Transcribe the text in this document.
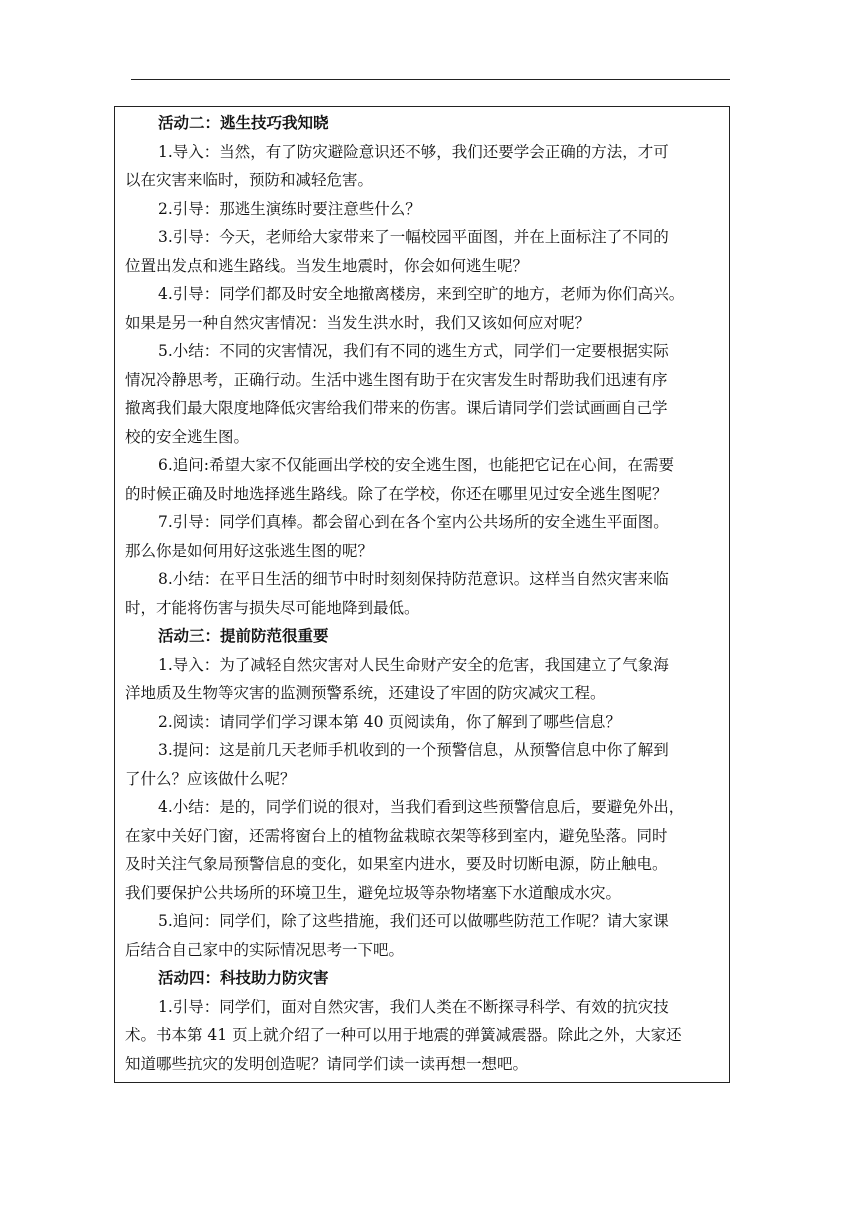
活动二：逃生技巧我知晓
1.导入：当然，有了防灾避险意识还不够，我们还要学会正确的方法，才可
以在灾害来临时，预防和减轻危害。
2.引导：那逃生演练时要注意些什么？
3.引导：今天，老师给大家带来了一幅校园平面图，并在上面标注了不同的
位置出发点和逃生路线。当发生地震时，你会如何逃生呢？
4.引导：同学们都及时安全地撤离楼房，来到空旷的地方，老师为你们高兴。
如果是另一种自然灾害情况：当发生洪水时，我们又该如何应对呢？
5.小结：不同的灾害情况，我们有不同的逃生方式，同学们一定要根据实际
情况冷静思考，正确行动。生活中逃生图有助于在灾害发生时帮助我们迅速有序
撤离我们最大限度地降低灾害给我们带来的伤害。课后请同学们尝试画画自己学
校的安全逃生图。
6.追问:希望大家不仅能画出学校的安全逃生图，也能把它记在心间，在需要
的时候正确及时地选择逃生路线。除了在学校，你还在哪里见过安全逃生图呢？
7.引导：同学们真棒。都会留心到在各个室内公共场所的安全逃生平面图。
那么你是如何用好这张逃生图的呢？
8.小结：在平日生活的细节中时时刻刻保持防范意识。这样当自然灾害来临
时，才能将伤害与损失尽可能地降到最低。
活动三：提前防范很重要
1.导入：为了减轻自然灾害对人民生命财产安全的危害，我国建立了气象海
洋地质及生物等灾害的监测预警系统，还建设了牢固的防灾减灾工程。
2.阅读：请同学们学习课本第 40 页阅读角，你了解到了哪些信息？
3.提问：这是前几天老师手机收到的一个预警信息，从预警信息中你了解到
了什么？应该做什么呢？
4.小结：是的，同学们说的很对，当我们看到这些预警信息后，要避免外出，
在家中关好门窗，还需将窗台上的植物盆栽晾衣架等移到室内，避免坠落。同时
及时关注气象局预警信息的变化，如果室内进水，要及时切断电源，防止触电。
我们要保护公共场所的环境卫生，避免垃圾等杂物堵塞下水道酿成水灾。
5.追问：同学们，除了这些措施，我们还可以做哪些防范工作呢？请大家课
后结合自己家中的实际情况思考一下吧。
活动四：科技助力防灾害
1.引导：同学们，面对自然灾害，我们人类在不断探寻科学、有效的抗灾技
术。书本第 41 页上就介绍了一种可以用于地震的弹簧减震器。除此之外，大家还
知道哪些抗灾的发明创造呢？请同学们读一读再想一想吧。
